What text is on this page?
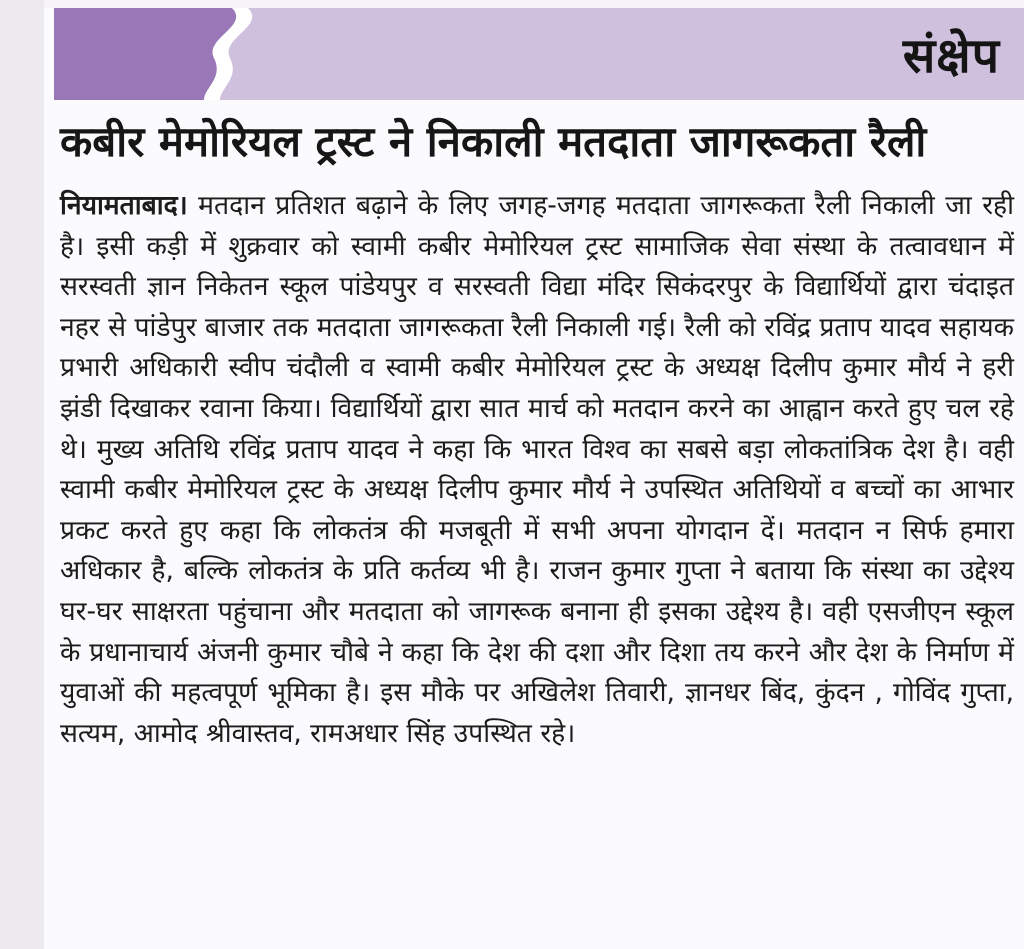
संक्षेप
कबीर मेमोरियल ट्रस्ट ने निकाली मतदाता जागरूकता रैली
नियामताबाद। मतदान प्रतिशत बढ़ाने के लिए जगह-जगह मतदाता जागरूकता रैली निकाली जा रही है। इसी कड़ी में शुक्रवार को स्वामी कबीर मेमोरियल ट्रस्ट सामाजिक सेवा संस्था के तत्वावधान में सरस्वती ज्ञान निकेतन स्कूल पांडेयपुर व सरस्वती विद्या मंदिर सिकंदरपुर के विद्यार्थियों द्वारा चंदाइत नहर से पांडेपुर बाजार तक मतदाता जागरूकता रैली निकाली गई। रैली को रविंद्र प्रताप यादव सहायक प्रभारी अधिकारी स्वीप चंदौली व स्वामी कबीर मेमोरियल ट्रस्ट के अध्यक्ष दिलीप कुमार मौर्य ने हरी झंडी दिखाकर रवाना किया। विद्यार्थियों द्वारा सात मार्च को मतदान करने का आह्वान करते हुए चल रहे थे। मुख्य अतिथि रविंद्र प्रताप यादव ने कहा कि भारत विश्व का सबसे बड़ा लोकतांत्रिक देश है। वही स्वामी कबीर मेमोरियल ट्रस्ट के अध्यक्ष दिलीप कुमार मौर्य ने उपस्थित अतिथियों व बच्चों का आभार प्रकट करते हुए कहा कि लोकतंत्र की मजबूती में सभी अपना योगदान दें। मतदान न सिर्फ हमारा अधिकार है, बल्कि लोकतंत्र के प्रति कर्तव्य भी है। राजन कुमार गुप्ता ने बताया कि संस्था का उद्देश्य घर-घर साक्षरता पहुंचाना और मतदाता को जागरूक बनाना ही इसका उद्देश्य है। वही एसजीएन स्कूल के प्रधानाचार्य अंजनी कुमार चौबे ने कहा कि देश की दशा और दिशा तय करने और देश के निर्माण में युवाओं की महत्वपूर्ण भूमिका है। इस मौके पर अखिलेश तिवारी, ज्ञानधर बिंद, कुंदन , गोविंद गुप्ता, सत्यम, आमोद श्रीवास्तव, रामअधार सिंह उपस्थित रहे।
